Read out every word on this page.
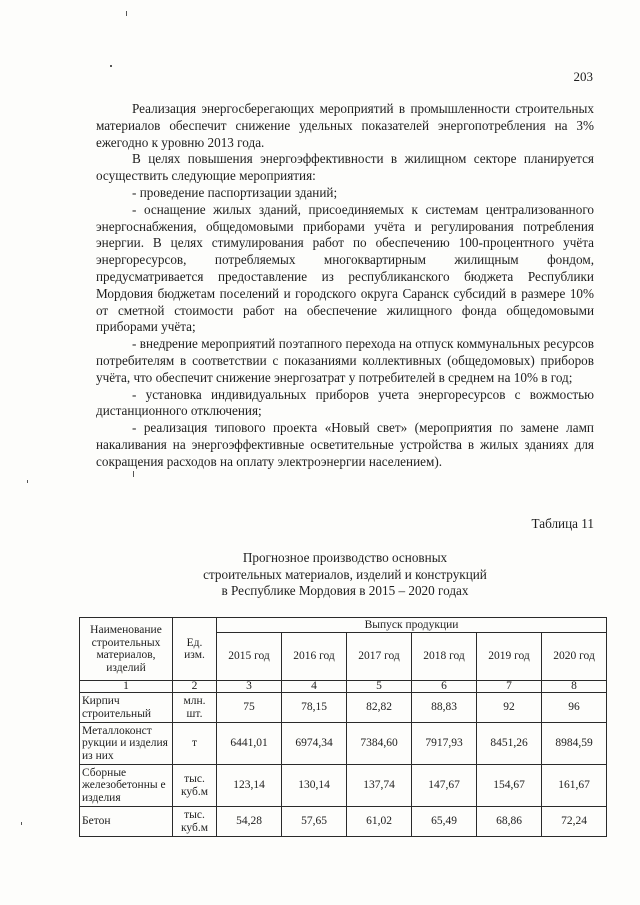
203

Реализация энергосберегающих мероприятий в промышленности строительных материалов обеспечит снижение удельных показателей энергопотребления на 3% ежегодно к уровню 2013 года.

В целях повышения энергоэффективности в жилищном секторе планируется осуществить следующие мероприятия:

- проведение паспортизации зданий;

- оснащение жилых зданий, присоединяемых к системам централизованного энергоснабжения, общедомовыми приборами учёта и регулирования потребления энергии. В целях стимулирования работ по обеспечению 100-процентного учёта энергоресурсов, потребляемых многоквартирным жилищным фондом, предусматривается предоставление из республиканского бюджета Республики Мордовия бюджетам поселений и городского округа Саранск субсидий в размере 10% от сметной стоимости работ на обеспечение жилищного фонда общедомовыми приборами учёта;

- внедрение мероприятий поэтапного перехода на отпуск коммунальных ресурсов потребителям в соответствии с показаниями коллективных (общедомовых) приборов учёта, что обеспечит снижение энергозатрат у потребителей в среднем на 10% в год;

- установка индивидуальных приборов учета энергоресурсов с вожмостью дистанционного отключения;

- реализация типового проекта «Новый свет» (мероприятия по замене ламп накаливания на энергоэффективные осветительные устройства в жилых зданиях для сокращения расходов на оплату электроэнергии населением).

Таблица 11
Прогнозное производство основных
строительных материалов, изделий и конструкций
в Республике Мордовия в 2015 – 2020 годах
Наименование строительных материалов, изделий	Ед. изм.	Выпуск продукции					
		2015 год	2016 год	2017 год	2018 год	2019 год	2020 год
1	2	3	4	5	6	7	8
Кирпич строительный	млн. шт.	75	78,15	82,82	88,83	92	96
Металлоконст рукции и изделия из них	т	6441,01	6974,34	7384,60	7917,93	8451,26	8984,59
Сборные железобетонны е изделия	тыс. куб.м	123,14	130,14	137,74	147,67	154,67	161,67
Бетон	тыс. куб.м	54,28	57,65	61,02	65,49	68,86	72,24
